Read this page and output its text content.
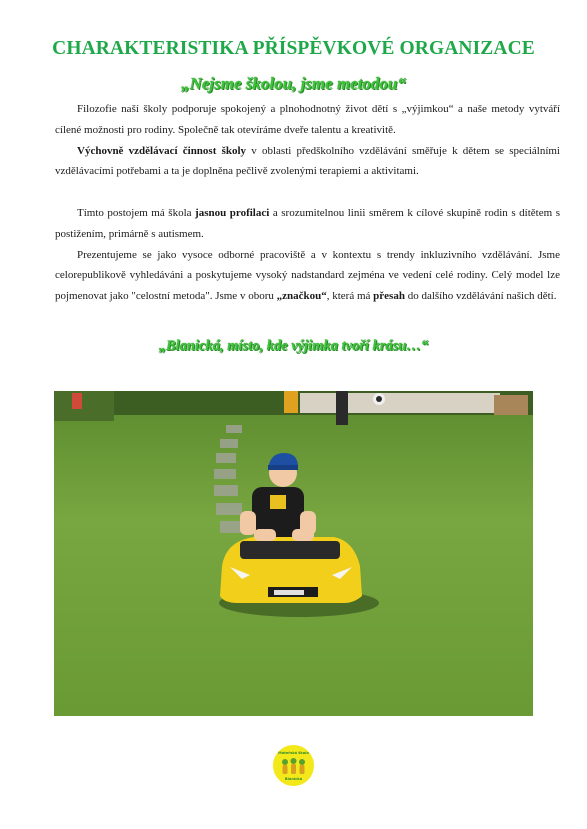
CHARAKTERISTIKA PŘÍSPĚVKOVÉ ORGANIZACE
„Nejsme školou, jsme metodou“

Filozofie naší školy podporuje spokojený a plnohodnotný život dětí s „výjimkou“ a naše metody vytváří cílené možnosti pro rodiny. Společně tak otevíráme dveře talentu a kreativitě.

Výchovně vzdělávací činnost školy v oblasti předškolního vzdělávání směřuje k dětem se speciálními vzdělávacími potřebami a ta je doplněna pečlivě zvolenými terapiemi a aktivitami.

Tímto postojem má škola jasnou profilaci a srozumitelnou linii směrem k cílové skupině rodin s dítětem s postižením, primárně s autismem.

Prezentujeme se jako vysoce odborné pracoviště a v kontextu s trendy inkluzivního vzdělávání. Jsme celorepublikově vyhledáváni a poskytujeme vysoký nadstandard zejména ve vedení celé rodiny. Celý model lze pojmenovat jako "celostní metoda". Jsme v oboru „značkou“, která má přesah do dalšího vzdělávání našich dětí.

„Blanická, místo, kde výjimka tvoří krásu…“
Mateřská škola
Blanická
